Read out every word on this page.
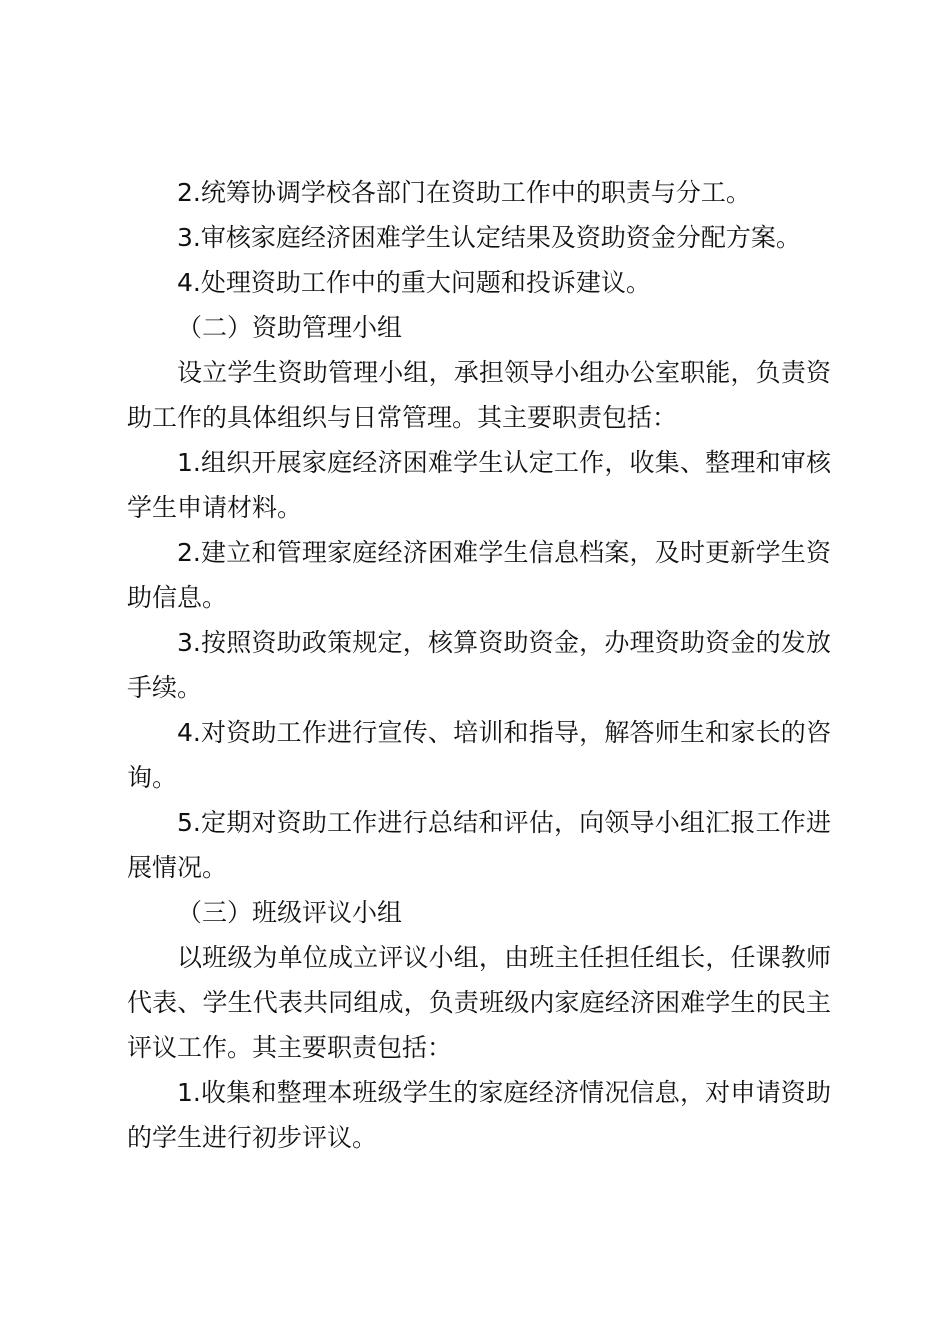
2.统筹协调学校各部门在资助工作中的职责与分工。

3.审核家庭经济困难学生认定结果及资助资金分配方案。

4.处理资助工作中的重大问题和投诉建议。

（二）资助管理小组

设立学生资助管理小组，承担领导小组办公室职能，负责资助工作的具体组织与日常管理。其主要职责包括：

1.组织开展家庭经济困难学生认定工作，收集、整理和审核学生申请材料。

2.建立和管理家庭经济困难学生信息档案，及时更新学生资助信息。

3.按照资助政策规定，核算资助资金，办理资助资金的发放手续。

4.对资助工作进行宣传、培训和指导，解答师生和家长的咨询。

5.定期对资助工作进行总结和评估，向领导小组汇报工作进展情况。

（三）班级评议小组

以班级为单位成立评议小组，由班主任担任组长，任课教师代表、学生代表共同组成，负责班级内家庭经济困难学生的民主评议工作。其主要职责包括：

1.收集和整理本班级学生的家庭经济情况信息，对申请资助的学生进行初步评议。
